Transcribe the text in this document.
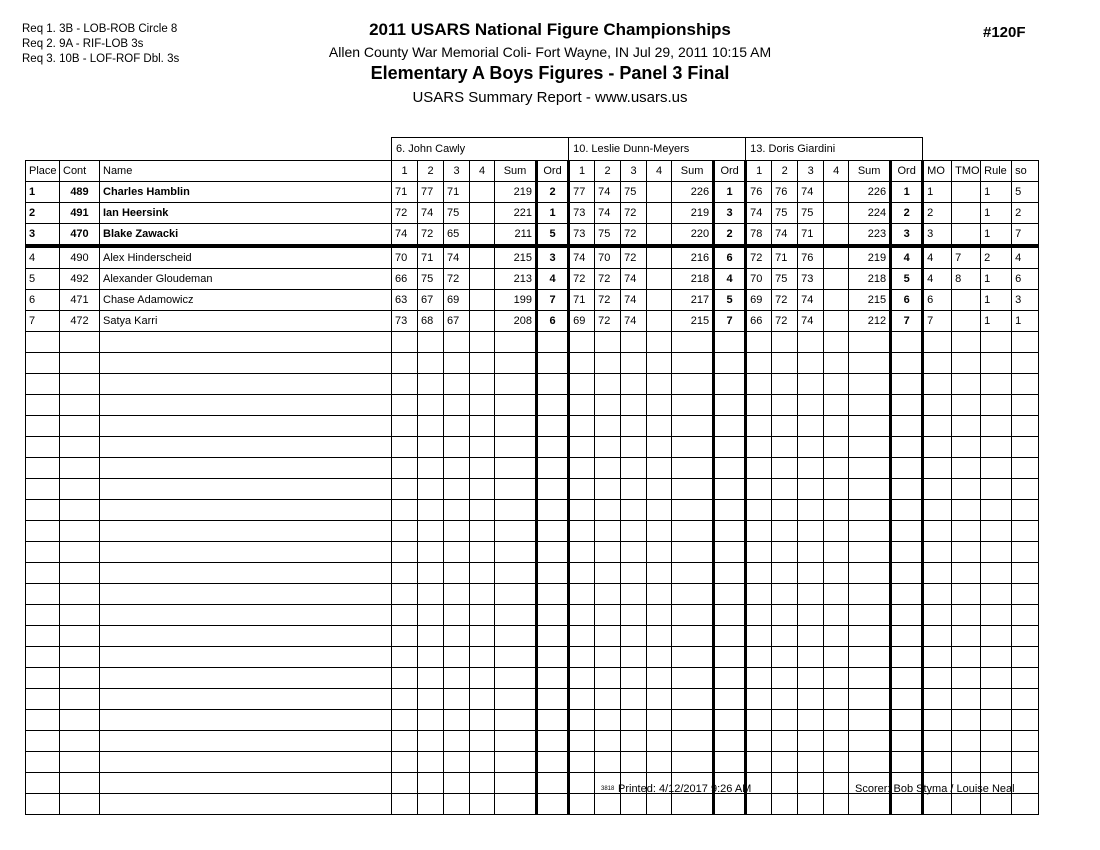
Req 1. 3B - LOB-ROB Circle 8
Req 2. 9A - RIF-LOB 3s
Req 3. 10B - LOF-ROF Dbl. 3s
2011 USARS National Figure Championships
Allen County War Memorial Coli- Fort Wayne, IN Jul 29, 2011 10:15 AM
Elementary A Boys Figures - Panel 3 Final
USARS Summary Report - www.usars.us
#120F
			6. John Cawly						10. Leslie Dunn-Meyers						13. Doris Giardini									
Place	Cont	Name	1	2	3	4	Sum	Ord	1	2	3	4	Sum	Ord	1	2	3	4	Sum	Ord	MO	TMO	Rule	so
1	489	Charles Hamblin	71	77	71		219	2	77	74	75		226	1	76	76	74		226	1	1		1	5
2	491	Ian Heersink	72	74	75		221	1	73	74	72		219	3	74	75	75		224	2	2		1	2
3	470	Blake Zawacki	74	72	65		211	5	73	75	72		220	2	78	74	71		223	3	3		1	7
4	490	Alex Hinderscheid	70	71	74		215	3	74	70	72		216	6	72	71	76		219	4	4	7	2	4
5	492	Alexander Gloudeman	66	75	72		213	4	72	72	74		218	4	70	75	73		218	5	4	8	1	6
6	471	Chase Adamowicz	63	67	69		199	7	71	72	74		217	5	69	72	74		215	6	6		1	3
7	472	Satya Karri	73	68	67		208	6	69	72	74		215	7	66	72	74		212	7	7		1	1

3818 Printed: 4/12/2017 9:26 AM	Scorer: Bob Styma / Louise Neal
